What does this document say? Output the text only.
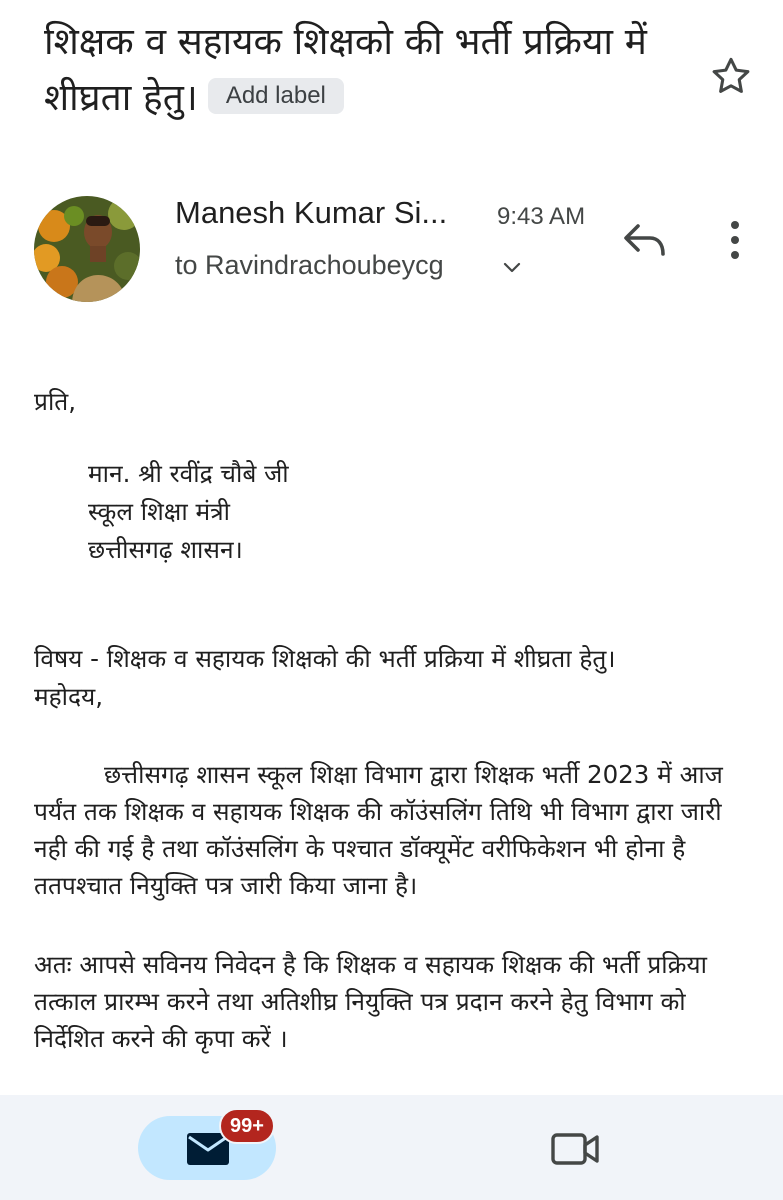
शिक्षक व सहायक शिक्षको की भर्ती प्रक्रिया में शीघ्रता हेतु। Add label
Manesh Kumar Si... 9:43 AM
to Ravindrachoubeycg

प्रति,

मान. श्री रवींद्र चौबे जी

स्कूल शिक्षा मंत्री

छत्तीसगढ़ शासन।

विषय - शिक्षक व सहायक शिक्षको की भर्ती प्रक्रिया में शीघ्रता हेतु।

महोदय,

छत्तीसगढ़ शासन स्कूल शिक्षा विभाग द्वारा शिक्षक भर्ती 2023 में आज पर्यंत तक शिक्षक व सहायक शिक्षक की कॉउंसलिंग तिथि भी विभाग द्वारा जारी नही की गई है तथा कॉउंसलिंग के पश्चात डॉक्यूमेंट वरीफिकेशन भी होना है ततपश्चात नियुक्ति पत्र जारी किया जाना है।

अतः आपसे सविनय निवेदन है कि शिक्षक व सहायक शिक्षक की भर्ती प्रक्रिया तत्काल प्रारम्भ करने तथा अतिशीघ्र नियुक्ति पत्र प्रदान करने हेतु विभाग को निर्देशित करने की कृपा करें ।

99+
